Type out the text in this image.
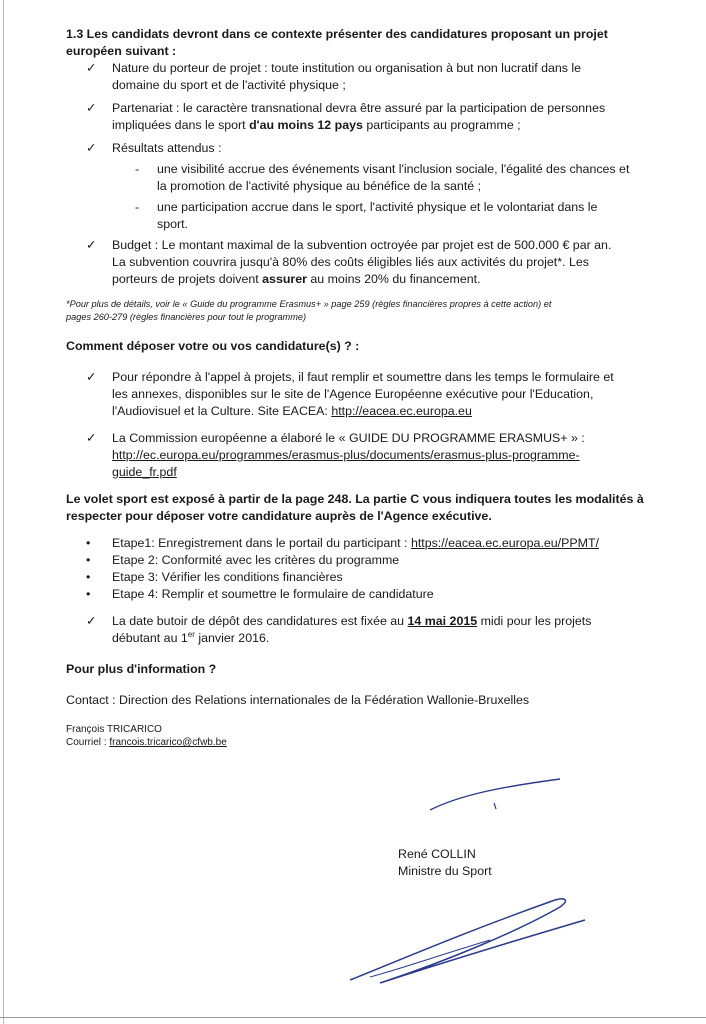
1.3 Les candidats devront dans ce contexte présenter des candidatures proposant un projet
européen suivant :
✓ Nature du porteur de projet : toute institution ou organisation à but non lucratif dans le
domaine du sport et de l'activité physique ;
✓ Partenariat : le caractère transnational devra être assuré par la participation de personnes
impliquées dans le sport d'au moins 12 pays participants au programme ;
✓ Résultats attendus :
- une visibilité accrue des événements visant l'inclusion sociale, l'égalité des chances et
la promotion de l'activité physique au bénéfice de la santé ;
- une participation accrue dans le sport, l'activité physique et le volontariat dans le
sport.
✓ Budget : Le montant maximal de la subvention octroyée par projet est de 500.000 € par an.
La subvention couvrira jusqu'à 80% des coûts éligibles liés aux activités du projet*. Les
porteurs de projets doivent assurer au moins 20% du financement.
*Pour plus de détails, voir le « Guide du programme Erasmus+ » page 259 (règles financières propres à cette action) et
pages 260-279 (règles financières pour tout le programme)
Comment déposer votre ou vos candidature(s) ? :
✓ Pour répondre à l'appel à projets, il faut remplir et soumettre dans les temps le formulaire et
les annexes, disponibles sur le site de l'Agence Européenne exécutive pour l'Education,
l'Audiovisuel et la Culture. Site EACEA: http://eacea.ec.europa.eu
✓ La Commission européenne a élaboré le « GUIDE DU PROGRAMME ERASMUS+ » :
http://ec.europa.eu/programmes/erasmus-plus/documents/erasmus-plus-programme-
guide_fr.pdf
Le volet sport est exposé à partir de la page 248. La partie C vous indiquera toutes les modalités à
respecter pour déposer votre candidature auprès de l'Agence exécutive.
• Etape1: Enregistrement dans le portail du participant : https://eacea.ec.europa.eu/PPMT/
• Etape 2: Conformité avec les critères du programme
• Etape 3: Vérifier les conditions financières
• Etape 4: Remplir et soumettre le formulaire de candidature
✓ La date butoir de dépôt des candidatures est fixée au 14 mai 2015 midi pour les projets
débutant au 1er janvier 2016.
Pour plus d'information ?
Contact : Direction des Relations internationales de la Fédération Wallonie-Bruxelles
François TRICARICO
Courriel : francois.tricarico@cfwb.be
René COLLIN
Ministre du Sport
